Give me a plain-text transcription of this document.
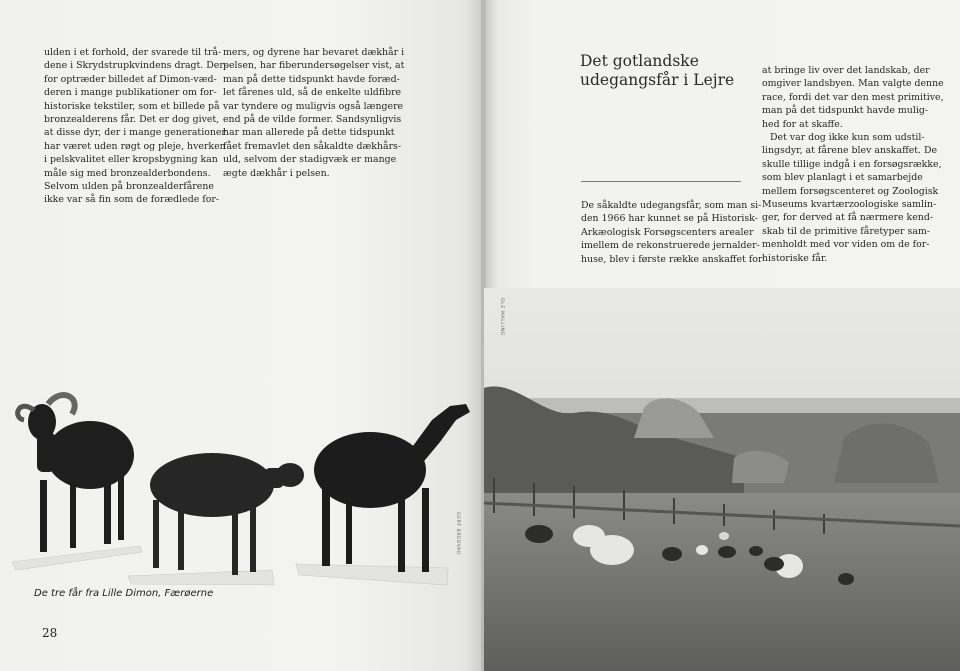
ulden i et forhold, der svarede til trå-
dene i Skrydstrupkvindens dragt. Der-
for optræder billedet af Dimon-væd-
deren i mange publikationer om for-
historiske tekstiler, som et billede på
bronzealderens får. Det er dog givet,
at disse dyr, der i mange generationer
har været uden røgt og pleje, hverken
i pelskvalitet eller kropsbygning kan
måle sig med bronzealderbondens.
Selvom ulden på bronzealderfårene
ikke var så fin som de forædlede for-
mers, og dyrene har bevaret dækhår i
pelsen, har fiberundersøgelser vist, at
man på dette tidspunkt havde foræd-
let fårenes uld, så de enkelte uldfibre
var tyndere og muligvis også længere
end på de vilde former. Sandsynligvis
har man allerede på dette tidspunkt
fået fremavlet den såkaldte dækhårs-
uld, selvom der stadigvæk er mange
ægte dækhår i pelsen.
GERT BREDVAD
De tre får fra Lille Dimon, Færøerne
28
Det gotlandske
udegangsfår i Lejre
De såkaldte udegangsfår, som man si-
den 1966 har kunnet se på Historisk-
Arkæologisk Forsøgscenters arealer
imellem de rekonstruerede jernalder-
huse, blev i første række anskaffet for
at bringe liv over det landskab, der
omgiver landsbyen. Man valgte denne
race, fordi det var den mest primitive,
man på det tidspunkt havde mulig-
hed for at skaffe.
Det var dog ikke kun som udstil-
lingsdyr, at fårene blev anskaffet. De
skulle tillige indgå i en forsøgsrække,
som blev planlagt i et samarbejde
mellem forsøgscenteret og Zoologisk
Museums kvartærzoologiske samlin-
ger, for derved at få nærmere kend-
skab til de primitive fåretyper sam-
menholdt med vor viden om de for-
historiske får.
OLE MALLING
